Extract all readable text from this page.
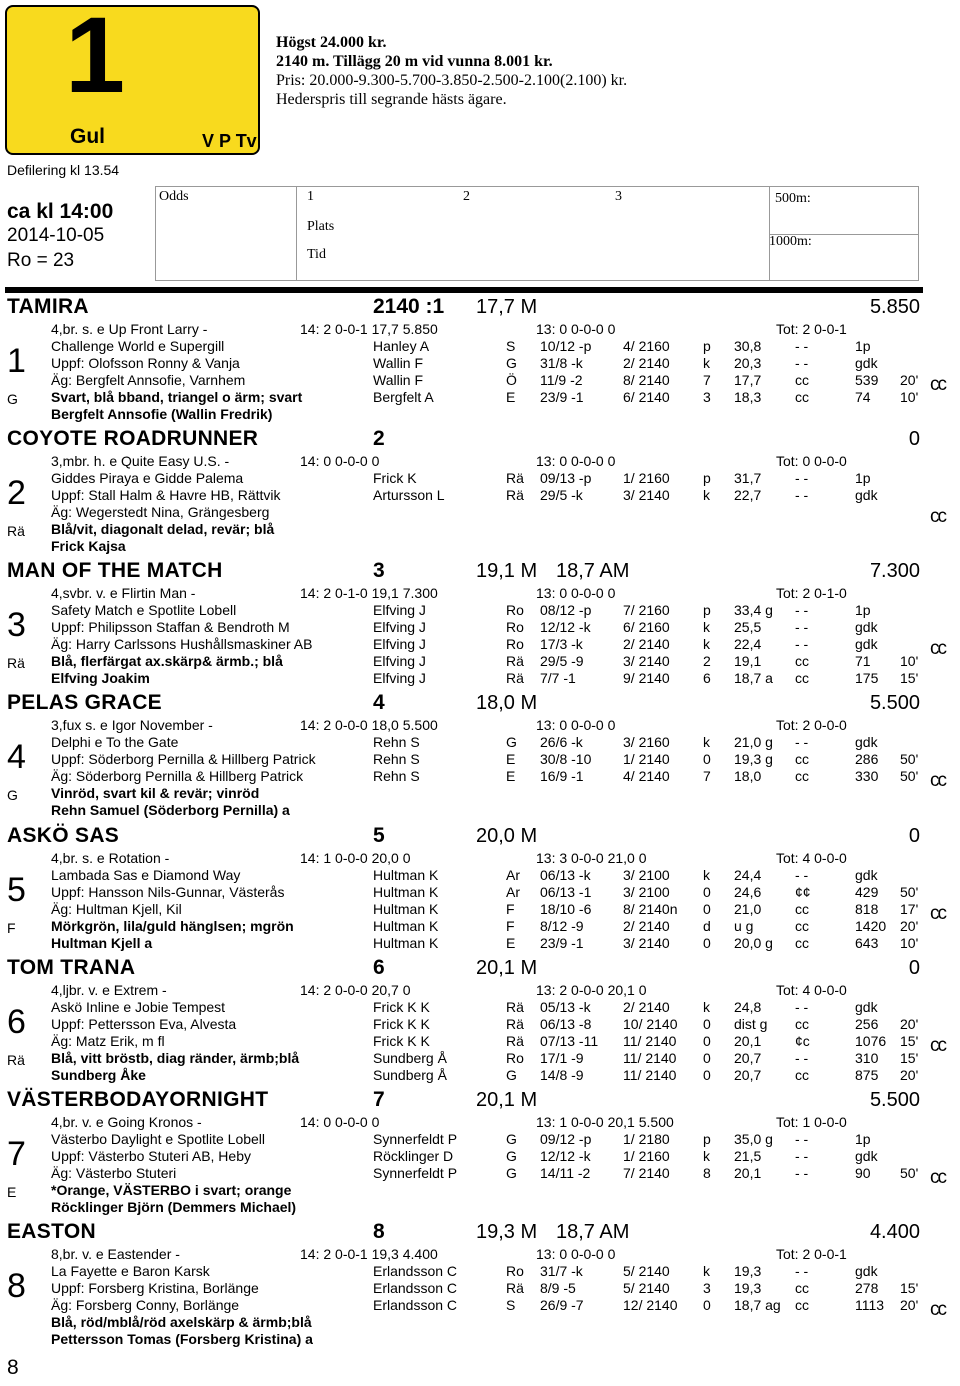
1
Gul	V P Tv
Högst 24.000 kr.
2140 m. Tillägg 20 m vid vunna 8.001 kr.
Pris: 20.000-9.300-5.700-3.850-2.500-2.100(2.100) kr.
Hederspris till segrande hästs ägare.
Defilering kl 13.54
ca kl 14:00
2014-10-05
Ro = 23
Odds	1	2	3
Plats
Tid
500m:
1000m:
TAMIRA	2140 :1 17,7 M	5.850
1
G
cc
4,br. s. e Up Front Larry -	14: 2 0-0-1 17,7 5.850	13: 0 0-0-0 0	Tot: 2 0-0-1
Challenge World e Supergill	Hanley A	S 10/12 -p 4/ 2160 p 30,8 - -	1p
Uppf: Olofsson Ronny & Vanja	Wallin F	G 31/8 -k	2/ 2140 k 20,3 - -	gdk
Äg: Bergfelt Annsofie, Varnhem	Wallin F	Ö 11/9 -2	8/ 2140 7 17,7 cc	539 20'
Svart, blå bband, triangel o ärm; svart	Bergfelt A	E 23/9 -1	6/ 2140 3 18,3 cc	74 10'
Bergfelt Annsofie (Wallin Fredrik)
COYOTE ROADRUNNER	2	0
2
Rä
cc
3,mbr. h. e Quite Easy U.S. -	14: 0 0-0-0 0	13: 0 0-0-0 0	Tot: 0 0-0-0
Giddes Piraya e Gidde Palema	Frick K	Rä 09/13 -p 1/ 2160 p 31,7 - -	1p
Uppf: Stall Halm & Havre HB, Rättvik	Artursson L	Rä 29/5 -k	3/ 2140 k 22,7 - -	gdk
Äg: Wegerstedt Nina, Grängesberg
Blå/vit, diagonalt delad, revär; blå
Frick Kajsa
MAN OF THE MATCH	3	19,1 M 18,7 AM	7.300
3
Rä
cc
4,svbr. v. e Flirtin Man -	14: 2 0-1-0 19,1 7.300	13: 0 0-0-0 0	Tot: 2 0-1-0
Safety Match e Spotlite Lobell	Elfving J	Ro 08/12 -p 7/ 2160 p 33,4 g - -	1p
Uppf: Philipsson Staffan & Bendroth M	Elfving J	Ro 12/12 -k 6/ 2160 k 25,5 - -	gdk
Äg: Harry Carlssons Hushållsmaskiner AB	Elfving J	Ro 17/3 -k	2/ 2140 k 22,4 - -	gdk
Blå, flerfärgat ax.skärp& ärmb.; blå	Elfving J	Rä 29/5 -9	3/ 2140 2 19,1 cc	71 10'
Elfving Joakim	Elfving J	Rä 7/7 -1	9/ 2140 6 18,7 a cc	175 15'
PELAS GRACE	4	18,0 M	5.500
4
G
cc
3,fux s. e Igor November -	14: 2 0-0-0 18,0 5.500	13: 0 0-0-0 0	Tot: 2 0-0-0
Delphi e To the Gate	Rehn S	G 26/6 -k	3/ 2160 k 21,0 g - -	gdk
Uppf: Söderborg Pernilla & Hillberg Patrick	Rehn S	E 30/8 -10 1/ 2140 0 19,3 g cc	286 50'
Äg: Söderborg Pernilla & Hillberg Patrick	Rehn S	E 16/9 -1	4/ 2140 7 18,0 cc	330 50'
Vinröd, svart kil & revär; vinröd
Rehn Samuel (Söderborg Pernilla) a
ASKÖ SAS	5	20,0 M	0
5
F
cc
4,br. s. e Rotation -	14: 1 0-0-0 20,0 0	13: 3 0-0-0 21,0 0	Tot: 4 0-0-0
Lambada Sas e Diamond Way	Hultman K	Ar 06/13 -k 3/ 2100 k 24,4 - -	gdk
Uppf: Hansson Nils-Gunnar, Västerås	Hultman K	Ar 06/13 -1 3/ 2100 0 24,6 ¢¢	429 50'
Äg: Hultman Kjell, Kil	Hultman K	F 18/10 -6 8/ 2140n 0 21,0 cc	818 17'
Mörkgrön, lila/guld hänglsen; mgrön	Hultman K	F 8/12 -9	2/ 2140 d u g	cc	1420 20'
Hultman Kjell a	Hultman K	E 23/9 -1	3/ 2140 0 20,0 g cc	643 10'
TOM TRANA	6	20,1 M	0
6
Rä
cc
4,ljbr. v. e Extrem -	14: 2 0-0-0 20,7 0	13: 2 0-0-0 20,1 0	Tot: 4 0-0-0
Askö Inline e Jobie Tempest	Frick K K	Rä 05/13 -k 2/ 2140 k 24,8 - -	gdk
Uppf: Pettersson Eva, Alvesta	Frick K K	Rä 06/13 -8 10/ 2140 0 dist g cc	256 20'
Äg: Matz Erik, m fl	Frick K K	Rä 07/13 -11 11/ 2140 0 20,1 ¢c	1076 15'
Blå, vitt bröstb, diag ränder, ärmb;blå	Sundberg Å	Ro 17/1 -9	11/ 2140 0 20,7 - -	310 15'
Sundberg Åke	Sundberg Å	G 14/8 -9	11/ 2140 0 20,7 cc	875 20'
VÄSTERBODAYORNIGHT	7	20,1 M	5.500
7
E
cc
4,br. v. e Going Kronos -	14: 0 0-0-0 0	13: 1 0-0-0 20,1 5.500	Tot: 1 0-0-0
Västerbo Daylight e Spotlite Lobell	Synnerfeldt P	G 09/12 -p 1/ 2180 p 35,0 g - -	1p
Uppf: Västerbo Stuteri AB, Heby	Röcklinger D	G 12/12 -k 1/ 2160 k 21,5 - -	gdk
Äg: Västerbo Stuteri	Synnerfeldt P	G 14/11 -2 7/ 2140 8 20,1 - -	90 50'
*Orange, VÄSTERBO i svart; orange
Röcklinger Björn (Demmers Michael)
EASTON	8	19,3 M 18,7 AM	4.400
8
cc
8,br. v. e Eastender -	14: 2 0-0-1 19,3 4.400	13: 0 0-0-0 0	Tot: 2 0-0-1
La Fayette e Baron Karsk	Erlandsson C	Ro 31/7 -k	5/ 2140 k 19,3 - -	gdk
Uppf: Forsberg Kristina, Borlänge	Erlandsson C	Rä 8/9 -5	5/ 2140 3 19,3 cc	278 15'
Äg: Forsberg Conny, Borlänge	Erlandsson C	S 26/9 -7	12/ 2140 0 18,7 ag cc	1113 20'
Blå, röd/mblå/röd axelskärp & ärmb;blå
Pettersson Tomas (Forsberg Kristina) a
8
